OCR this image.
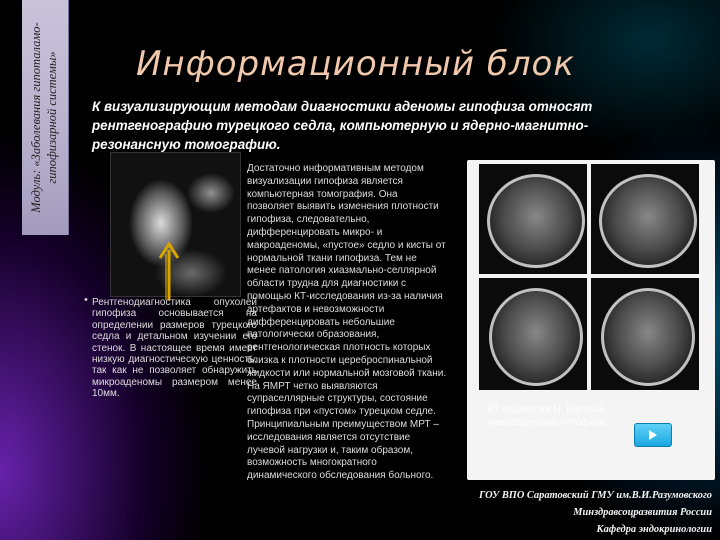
Модуль: «Заболевания гипоталамо- гипофизарной системы» Информационный блок
К визуализирующим методам диагностики аденомы гипофиза относят рентгенографию турецкого седла, компьютерную и ядерно-магнитно-резонансную томографию.
• Рентгенодиагностика опухолей гипофиза основывается на определении размеров турецкого седла и детальном изучении его стенок. В настоящее время имеет низкую диагностическую ценность, так как не позволяет обнаружить микроаденомы размером менее 10мм.
Достаточно информативным методом визуализации гипофиза является компьютерная томография. Она позволяет выявить изменения плотности гипофиза, следовательно, дифференцировать микро- и макроаденомы, «пустое» седло и кисты от нормальной ткани гипофиза. Тем не менее патология хиазмально-селлярной области трудна для диагностики с помощью КТ-исследования из-за наличия артефактов и невозможности дифференцировать небольшие патологически образования, рентгенологическая плотность которых близка к плотности цереброспинальной жидкости или нормальной мозговой ткани. На ЯМРТ четко выявляются супраселлярные структуры, состояние гипофиза при «пустом» турецком седле. Принципиальным преимуществом МРТ – исследования является отсутствие лучевой нагрузки и, таким образом, возможность многократного динамического обследования больного.
КТ пациентки Н. Картина макроаденомы гипофиза
ГОУ ВПО Саратовский ГМУ им.В.И.Разумовского
Минздравсоцразвития России
Кафедра эндокринологии
